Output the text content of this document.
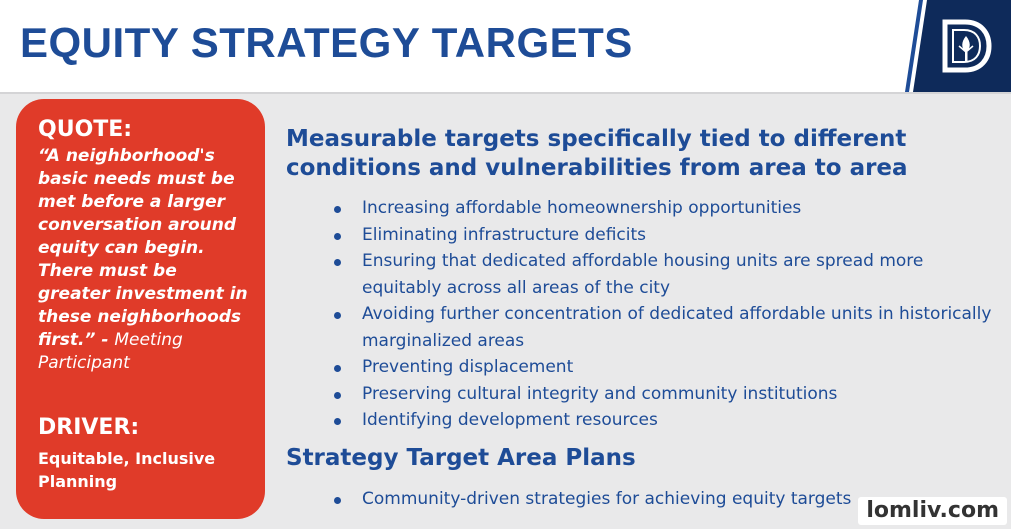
EQUITY STRATEGY TARGETS

QUOTE:

“A neighborhood's basic needs must be met before a larger conversation around equity can begin. There must be greater investment in these neighborhoods first.” - Meeting Participant

DRIVER:

Equitable, Inclusive Planning

Measurable targets specifically tied to different conditions and vulnerabilities from area to area
Increasing affordable homeownership opportunities
Eliminating infrastructure deficits
Ensuring that dedicated affordable housing units are spread more equitably across all areas of the city
Avoiding further concentration of dedicated affordable units in historically marginalized areas
Preventing displacement
Preserving cultural integrity and community institutions
Identifying development resources
Strategy Target Area Plans
Community-driven strategies for achieving equity targets lomliv.com
